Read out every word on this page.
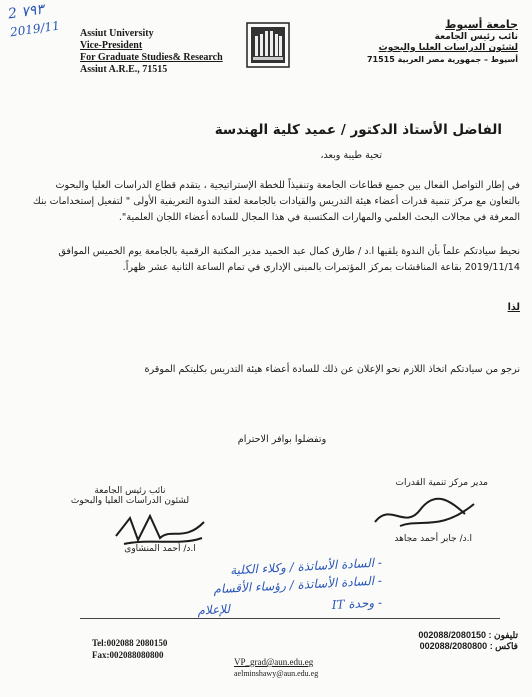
2 ٧٩٣
2019/11 Assiut University
Vice-President
For Graduate Studies& Research
Assiut A.R.E., 71515
جامعة أسيوط
نائب رئيس الجامعة
لشئون الدراسات العليا والبحوث
أسيوط – جمهورية مصر العربية 71515
الفاضل الأستاذ الدكتور / عميد كلية الهندسة
تحية طيبة وبعد،
في إطار التواصل الفعال بين جميع قطاعات الجامعة وتنفيذاً للخطة الإستراتيجية ، يتقدم قطاع الدراسات العليا والبحوث بالتعاون مع مركز تنمية قدرات أعضاء هيئة التدريس والقيادات بالجامعة لعقد الندوة التعريفية الأولى " لتفعيل إستخدامات بنك المعرفة في مجالات البحث العلمي والمهارات المكتسبة في هذا المجال للسادة أعضاء اللجان العلمية".
نحيط سيادتكم علماً بأن الندوة يلقيها ا.د / طارق كمال عبد الحميد مدير المكتبة الرقمية بالجامعة يوم الخميس الموافق 2019/11/14 بقاعة المناقشات بمركز المؤتمرات بالمبنى الإداري في تمام الساعة الثانية عشر ظهراً.
لذا
نرجو من سيادتكم اتخاذ اللازم نحو الإعلان عن ذلك للسادة أعضاء هيئة التدريس بكليتكم الموقرة
وتفضلوا بوافر الاحترام
مدير مركز تنمية القدرات
ا.د/ جابر أحمد مجاهد
نائب رئيس الجامعة
لشئون الدراسات العليا والبحوث
ا.د/ أحمد المنشاوى
- السادة الأساتذة / وكلاء الكلية
- السادة الأساتذة / رؤساء الأقسام
- وحدة IT
للإعلام
Tel:002088 2080150
Fax:002088080800
تليفون : 002088/2080150
فاكس : 002088/2080800
VP_grad@aun.edu.eg
aelminshawy@aun.edu.eg
